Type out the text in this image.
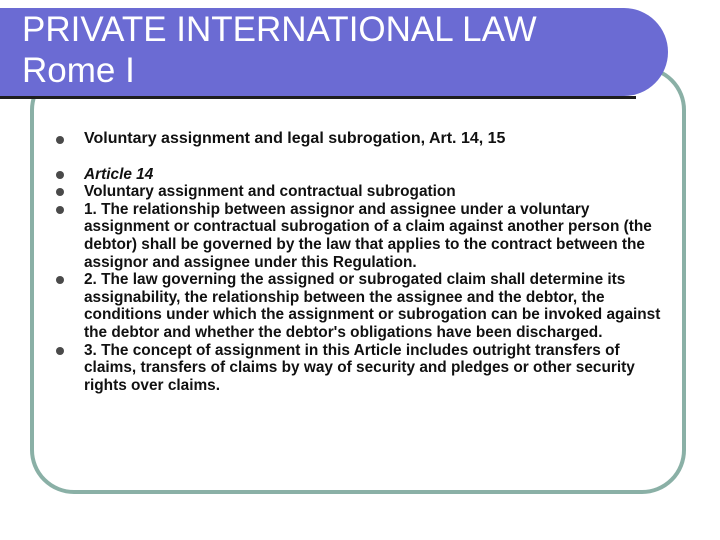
PRIVATE INTERNATIONAL LAW
Rome I
Voluntary assignment and legal subrogation, Art. 14, 15
Article 14
Voluntary assignment and contractual subrogation
1. The relationship between assignor and assignee under a voluntary assignment or contractual subrogation of a claim against another person (the debtor) shall be governed by the law that applies to the contract between the assignor and assignee under this Regulation.
2. The law governing the assigned or subrogated claim shall determine its assignability, the relationship between the assignee and the debtor, the conditions under which the assignment or subrogation can be invoked against the debtor and whether the debtor's obligations have been discharged.
3. The concept of assignment in this Article includes outright transfers of claims, transfers of claims by way of security and pledges or other security rights over claims.
